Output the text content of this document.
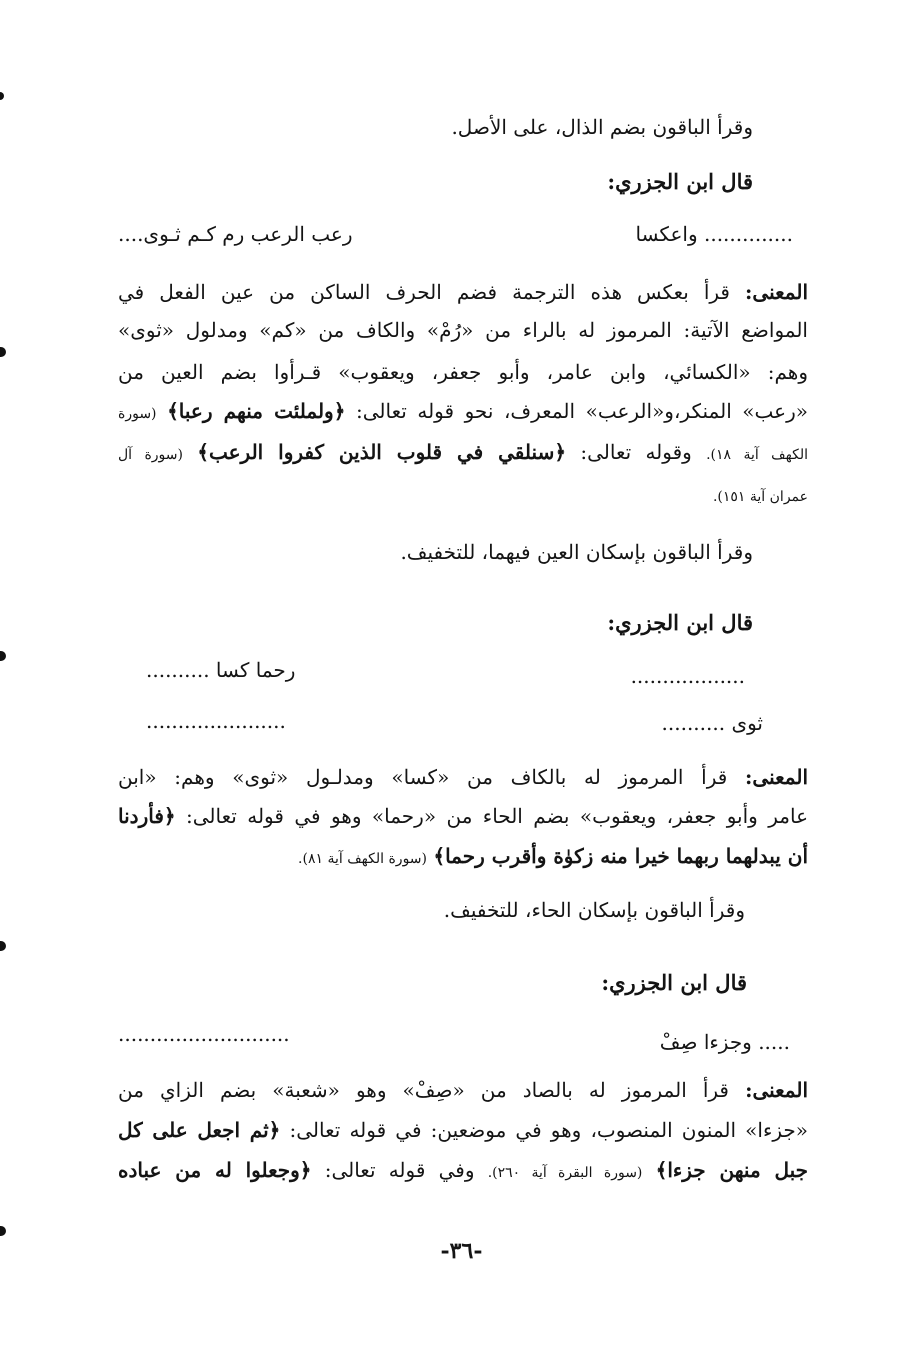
وقرأ الباقون بضم الذال، على الأصل.
قال ابن الجزري:
.............. واعكسا
رعب الرعب رم كـم ثـوى....
المعنى: قرأ بعكس هذه الترجمة فضم الحرف الساكن من عين الفعل في
المواضع الآتية: المرموز له بالراء من «رُمْ» والكاف من «كم» ومدلول «ثوى»
وهم: «الكسائي، وابن عامر، وأبو جعفر، ويعقوب» قـرأوا بضم العين من
«رعب» المنكر،و«الرعب» المعرف، نحو قوله تعالى: ﴿ولملئت منهم رعبا﴾ (سورة
الكهف آية ١٨). وقوله تعالى: ﴿سنلقي في قلوب الذين كفروا الرعب﴾ (سورة آل
عمران آية ١٥١).
وقرأ الباقون بإسكان العين فيهما، للتخفيف.
قال ابن الجزري:
..................
رحما كسا ..........
ثوى ..........
......................
المعنى: قرأ المرموز له بالكاف من «كسا» ومدلـول «ثوى» وهم: «ابن
عامر وأبو جعفر، ويعقوب» بضم الحاء من «رحما» وهو في قوله تعالى: ﴿فأردنا
أن يبدلهما ربهما خيرا منه زكوٰة وأقرب رحما﴾ (سورة الكهف آية ٨١).
وقرأ الباقون بإسكان الحاء، للتخفيف.
قال ابن الجزري:
..... وجزءا صِفْ
...........................
المعنى: قرأ المرموز له بالصاد من «صِفْ» وهو «شعبة» بضم الزاي من
«جزءا» المنون المنصوب، وهو في موضعين: في قوله تعالى: ﴿ثم اجعل على كل
جبل منهن جزءا﴾ (سورة البقرة آية ٢٦٠). وفي قوله تعالى: ﴿وجعلوا له من عباده
-٣٦-
